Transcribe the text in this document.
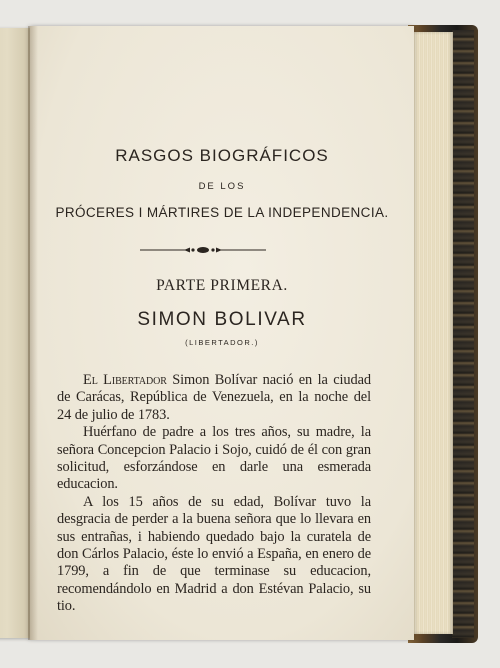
RASGOS BIOGRÁFICOS
DE LOS
PRÓCERES I MÁRTIRES DE LA INDEPENDENCIA.
PARTE PRIMERA.
SIMON BOLIVAR
(LIBERTADOR.)

El Libertador Simon Bolívar nació en la ciudad de Carácas, República de Venezuela, en la noche del 24 de julio de 1783.

Huérfano de padre a los tres años, su madre, la señora Concepcion Palacio i Sojo, cuidó de él con gran solicitud, esforzándose en darle una esmerada educacion.

A los 15 años de su edad, Bolívar tuvo la desgracia de perder a la buena señora que lo llevara en sus entrañas, i habiendo quedado bajo la curatela de don Cárlos Palacio, éste lo envió a España, en enero de 1799, a fin de que terminase su educacion, recomendándolo en Madrid a don Estévan Palacio, su tio.
